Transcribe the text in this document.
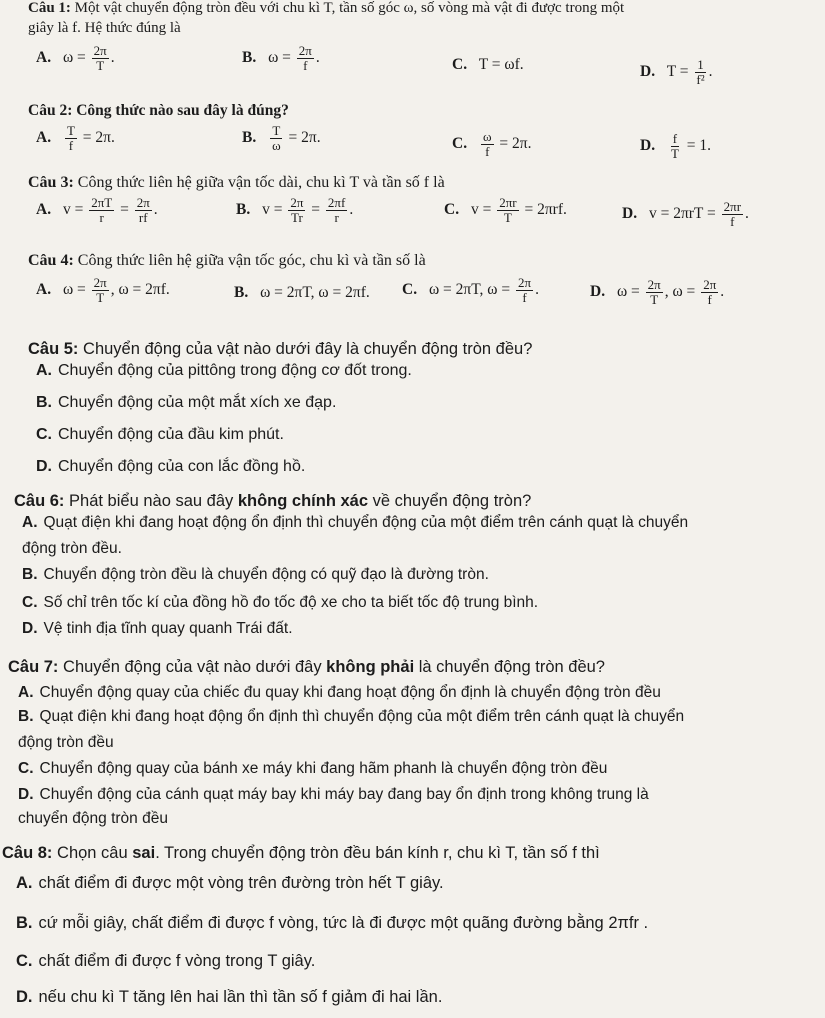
Câu 1: Một vật chuyển động tròn đều với chu kì T, tần số góc ω, số vòng mà vật đi được trong một
giây là f. Hệ thức đúng là
A. $\omega = \frac{2\pi}{T}$ .	B. $\omega = \frac{2\pi}{f}$ .	C. T = ωf.	D. $T = \frac{1}{\text{f²}}$ .
Câu 2: Công thức nào sau đây là đúng?
A. $\frac{T}{f} = 2\pi$.	B. $\frac{T}{\omega} = 2\pi$.	C. $\frac{\omega}{f} = 2\pi$.	D. $\frac{f}{T} = 1$.
Câu 3: Công thức liên hệ giữa vận tốc dài, chu kì T và tần số f là
A. $v = \frac{2\pi T}{r} = \frac{2\pi}{rf}$ .	B. $v = \frac{2\pi}{Tr} = \frac{2\pi f}{r}$ .	C. $v = \frac{2\pi r}{T} = 2\pi rf$.	D. $v = 2\pi rT = \frac{2\pi r}{f}$ .
Câu 4: Công thức liên hệ giữa vận tốc góc, chu kì và tần số là
A. $\omega = \frac{2\pi}{T}$ , ω = 2πf.	B. ω = 2πT, ω = 2πf. C. ω = 2πT, $\omega = \frac{2\pi}{f}$ .	D. $\omega = \frac{2\pi}{T}$ , $\omega = \frac{2\pi}{f}$ .
Câu 5: Chuyển động của vật nào dưới đây là chuyển động tròn đều?
A. Chuyển động của pittông trong động cơ đốt trong.
B. Chuyển động của một mắt xích xe đạp.
C. Chuyển động của đầu kim phút.
D. Chuyển động của con lắc đồng hồ.
Câu 6: Phát biểu nào sau đây không chính xác về chuyển động tròn?
A. Quạt điện khi đang hoạt động ổn định thì chuyển động của một điểm trên cánh quạt là chuyển
động tròn đều.
B. Chuyển động tròn đều là chuyển động có quỹ đạo là đường tròn.
C. Số chỉ trên tốc kí của đồng hồ đo tốc độ xe cho ta biết tốc độ trung bình.
D. Vệ tinh địa tĩnh quay quanh Trái đất.
Câu 7: Chuyển động của vật nào dưới đây không phải là chuyển động tròn đều?
A. Chuyển động quay của chiếc đu quay khi đang hoạt động ổn định là chuyển động tròn đều
B. Quạt điện khi đang hoạt động ổn định thì chuyển động của một điểm trên cánh quạt là chuyển
động tròn đều
C. Chuyển động quay của bánh xe máy khi đang hãm phanh là chuyển động tròn đều
D. Chuyển động của cánh quạt máy bay khi máy bay đang bay ổn định trong không trung là
chuyển động tròn đều
Câu 8: Chọn câu sai. Trong chuyển động tròn đều bán kính r, chu kì T, tần số f thì
A. chất điểm đi được một vòng trên đường tròn hết T giây.
B. cứ mỗi giây, chất điểm đi được f vòng, tức là đi được một quãng đường bằng 2πfr .
C. chất điểm đi được f vòng trong T giây.
D. nếu chu kì T tăng lên hai lần thì tần số f giảm đi hai lần.
